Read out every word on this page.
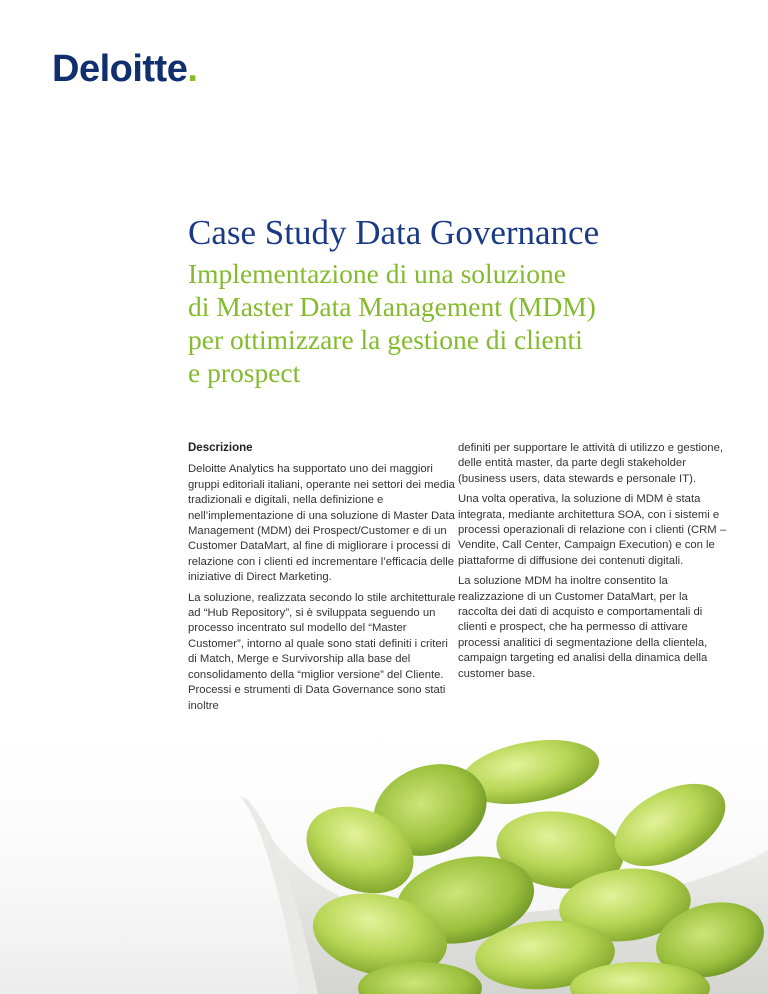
Deloitte.
Case Study Data Governance
Implementazione di una soluzione
di Master Data Management (MDM)
per ottimizzare la gestione di clienti
e prospect
Descrizione

Deloitte Analytics ha supportato uno dei maggiori gruppi editoriali italiani, operante nei settori dei media tradizionali e digitali, nella definizione e nell’implementazione di una soluzione di Master Data Management (MDM) dei Prospect/Customer e di un Customer DataMart, al fine di migliorare i processi di relazione con i clienti ed incrementare l’efficacia delle iniziative di Direct Marketing.

La soluzione, realizzata secondo lo stile architetturale ad “Hub Repository”, si è sviluppata seguendo un processo incentrato sul modello del “Master Customer”, intorno al quale sono stati definiti i criteri di Match, Merge e Survivorship alla base del consolidamento della “miglior versione” del Cliente. Processi e strumenti di Data Governance sono stati

definiti per supportare le attività di utilizzo e gestione, delle entità master, da parte degli stakeholder (business users, data stewards e personale IT).

Una volta operativa, la soluzione di MDM è stata integrata, mediante architettura SOA, con i sistemi e processi operazionali di relazione con i clienti (CRM – Vendite, Call Center, Campaign Execution) e con le piattaforme di diffusione dei contenuti digitali.

La soluzione MDM ha inoltre consentito la realizzazione di un Customer DataMart, per la raccolta dei dati di acquisto e comportamentali di clienti e prospect, che ha permesso di attivare processi analitici di segmentazione della clientela, campaign targeting ed analisi della dinamica della customer base.
